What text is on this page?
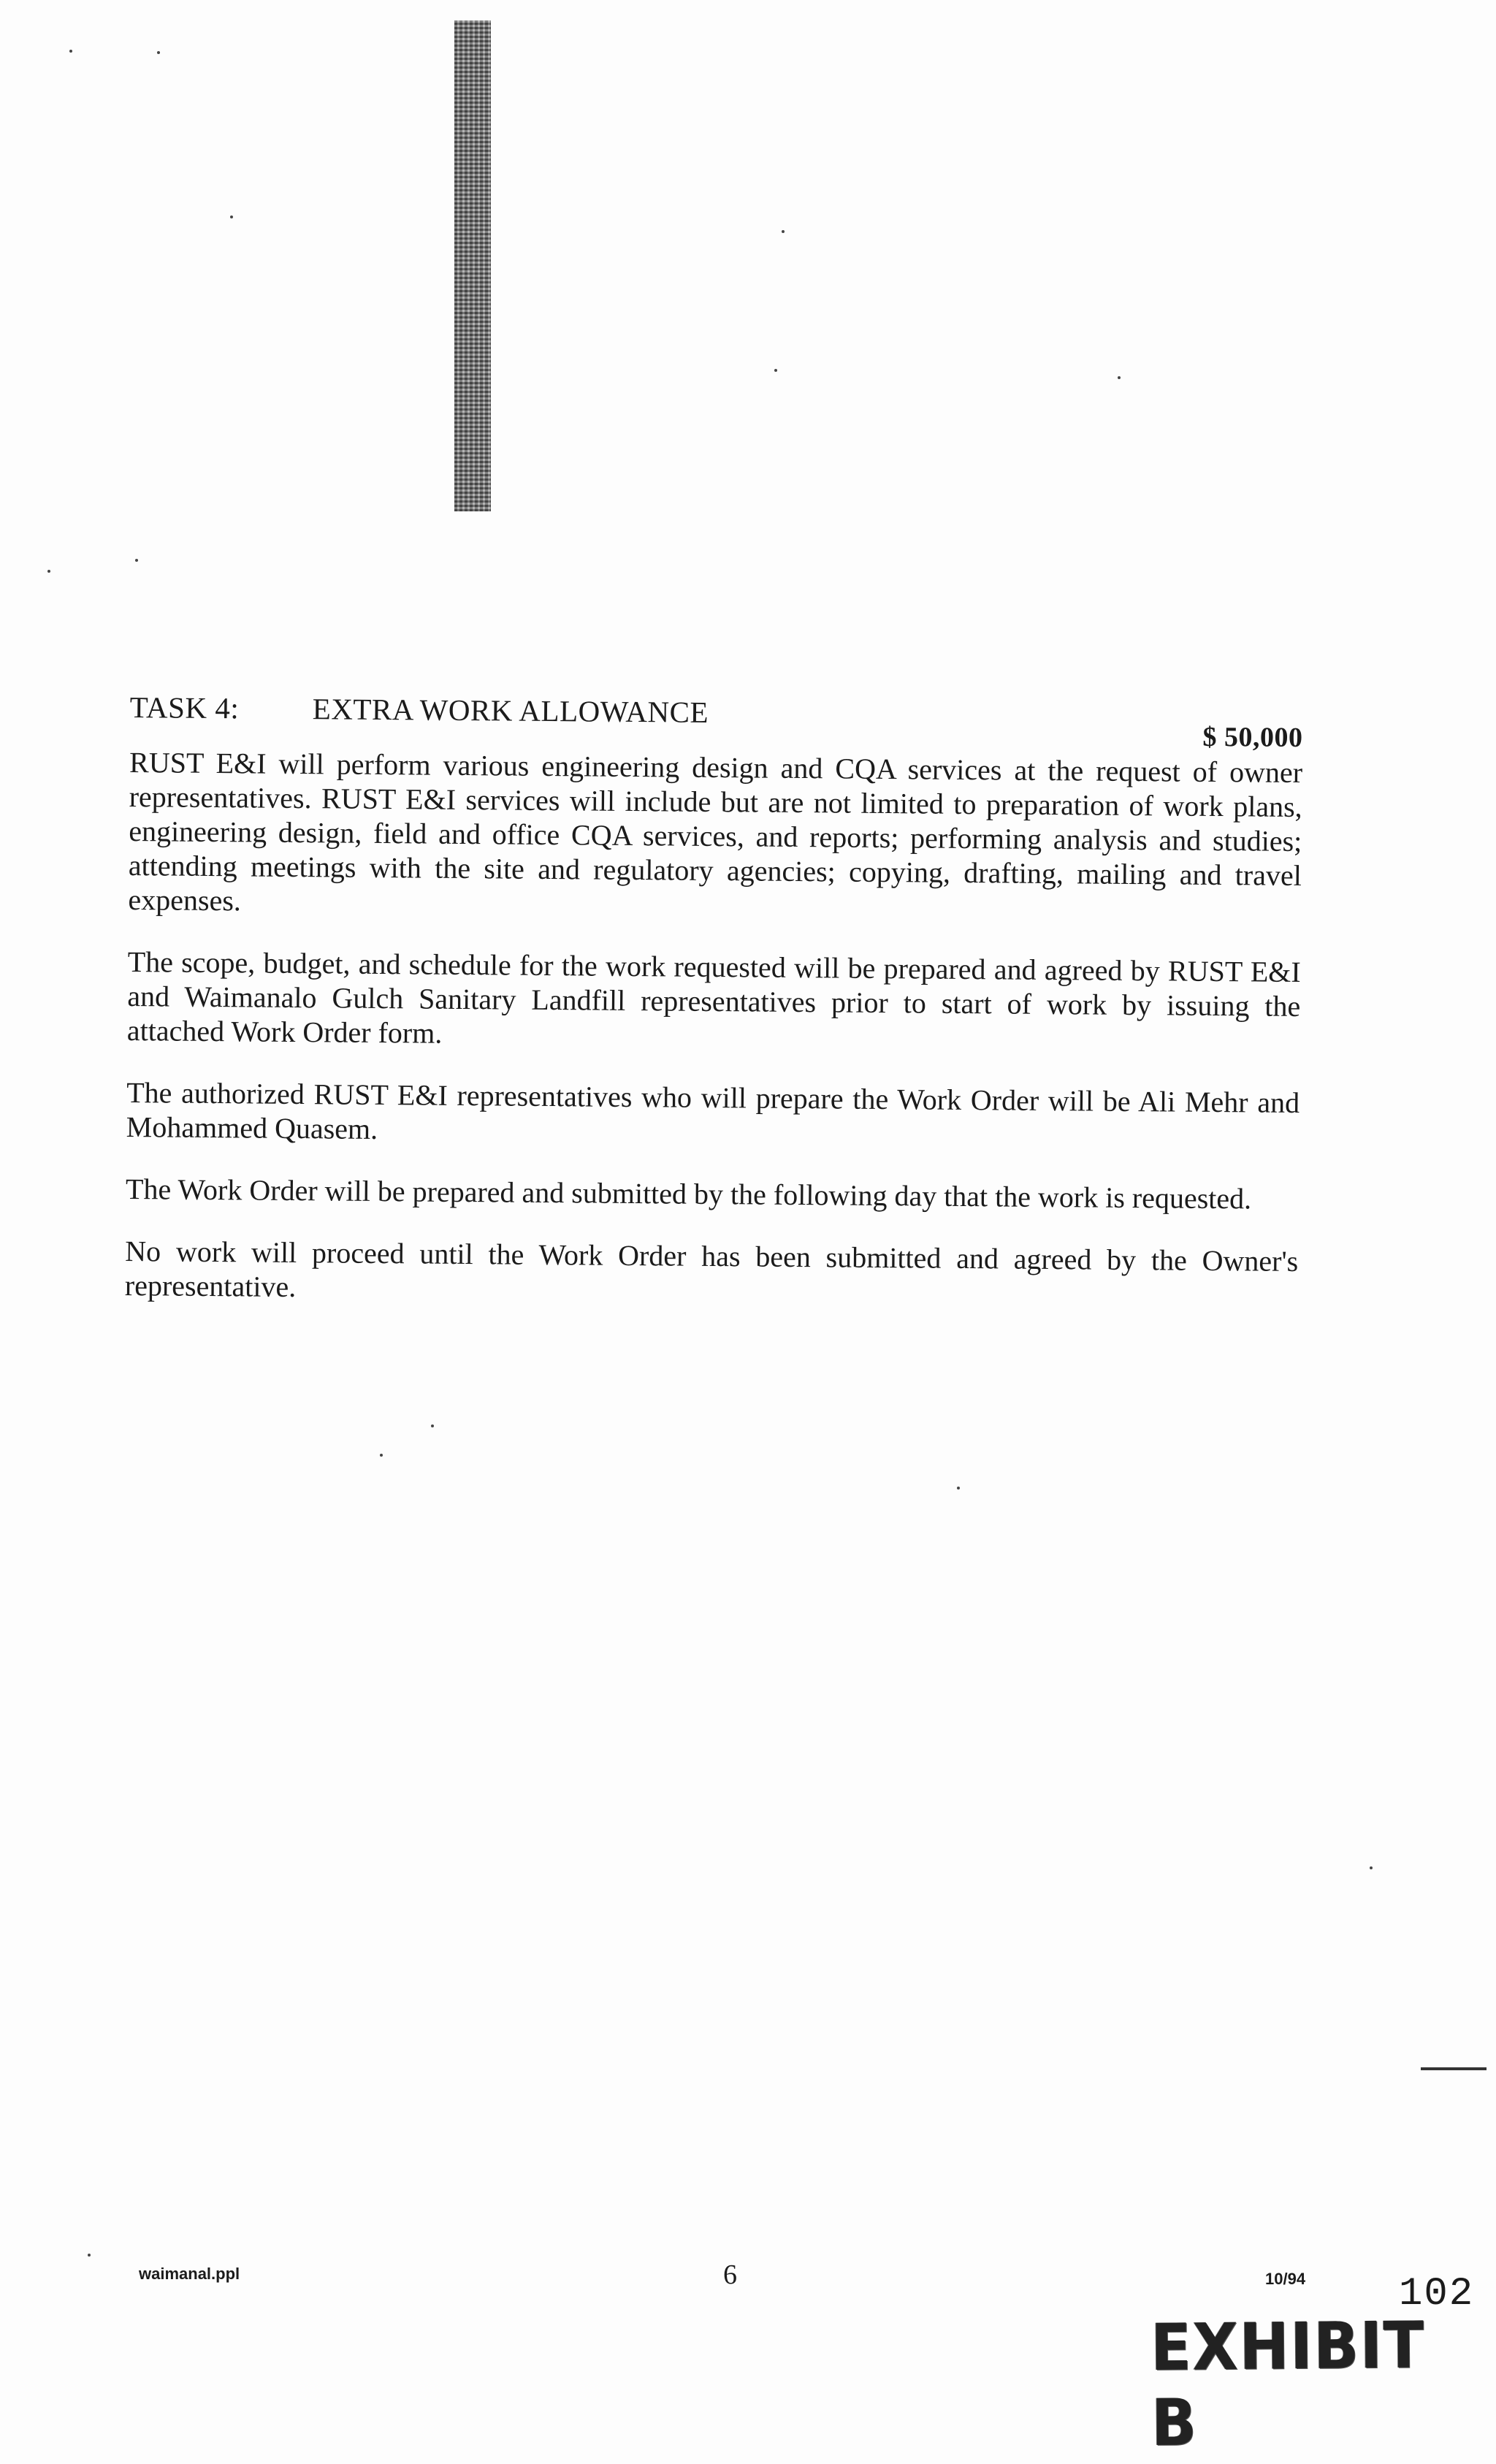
TASK 4:	EXTRA WORK ALLOWANCE
$ 50,000

RUST E&I will perform various engineering design and CQA services at the request of owner representatives. RUST E&I services will include but are not limited to preparation of work plans, engineering design, field and office CQA services, and reports; performing analysis and studies; attending meetings with the site and regulatory agencies; copying, drafting, mailing and travel expenses.

The scope, budget, and schedule for the work requested will be prepared and agreed by RUST E&I and Waimanalo Gulch Sanitary Landfill representatives prior to start of work by issuing the attached Work Order form.

The authorized RUST E&I representatives who will prepare the Work Order will be Ali Mehr and Mohammed Quasem.

The Work Order will be prepared and submitted by the following day that the work is requested.

No work will proceed until the Work Order has been submitted and agreed by the Owner's representative.

waimanal.ppl	6	10/94 102
EXHIBIT B
